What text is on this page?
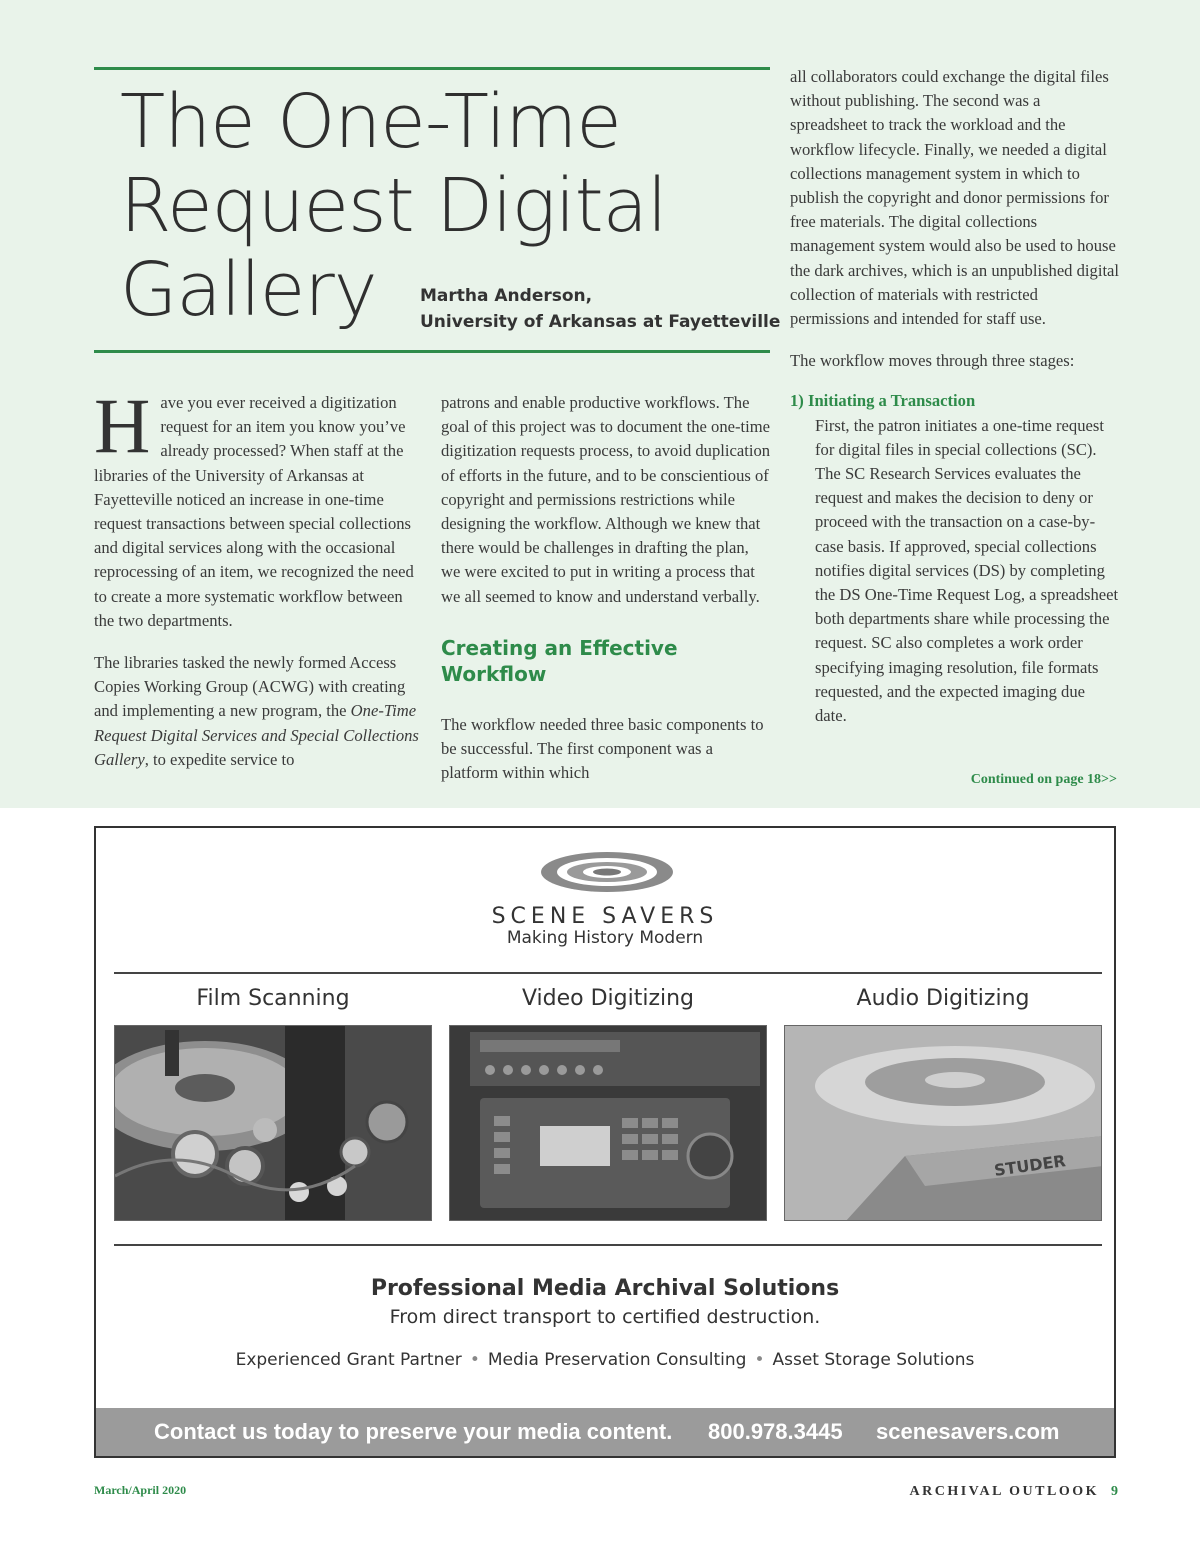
The One-Time
Request Digital
Gallery	Martha Anderson,
University of Arkansas at Fayetteville

Have you ever received a digitization request for an item you know you’ve already processed? When staff at the libraries of the University of Arkansas at Fayetteville noticed an increase in one-time request transactions between special collections and digital services along with the occasional reprocessing of an item, we recognized the need to create a more systematic workflow between the two departments.

The libraries tasked the newly formed Access Copies Working Group (ACWG) with creating and implementing a new program, the One-Time Request Digital Services and Special Collections Gallery, to expedite service to

patrons and enable productive workflows. The goal of this project was to document the one-time digitization requests process, to avoid duplication of efforts in the future, and to be conscientious of copyright and permissions restrictions while designing the workflow. Although we knew that there would be challenges in drafting the plan, we were excited to put in writing a process that we all seemed to know and understand verbally.

Creating an Effective Workflow

The workflow needed three basic components to be successful. The first component was a platform within which

all collaborators could exchange the digital files without publishing. The second was a spreadsheet to track the workload and the workflow lifecycle. Finally, we needed a digital collections management system in which to publish the copyright and donor permissions for free materials. The digital collections management system would also be used to house the dark archives, which is an unpublished digital collection of materials with restricted permissions and intended for staff use.

The workflow moves through three stages:

1) Initiating a Transaction
First, the patron initiates a one-time request for digital files in special collections (SC). The SC Research Services evaluates the request and makes the decision to deny or proceed with the transaction on a case-by-case basis. If approved, special collections notifies digital services (DS) by completing the DS One-Time Request Log, a spreadsheet both departments share while processing the request. SC also completes a work order specifying imaging resolution, file formats requested, and the expected imaging due date.
Continued on page 18>>
SCENE SAVERS
Making History Modern
Film Scanning	Video Digitizing	Audio Digitizing
STUDER
Professional Media Archival Solutions
From direct transport to certified destruction.
Experienced Grant Partner • Media Preservation Consulting • Asset Storage Solutions
Contact us today to preserve your media content. 800.978.3445 scenesavers.com
March/April 2020	ARCHIVAL OUTLOOK 9
